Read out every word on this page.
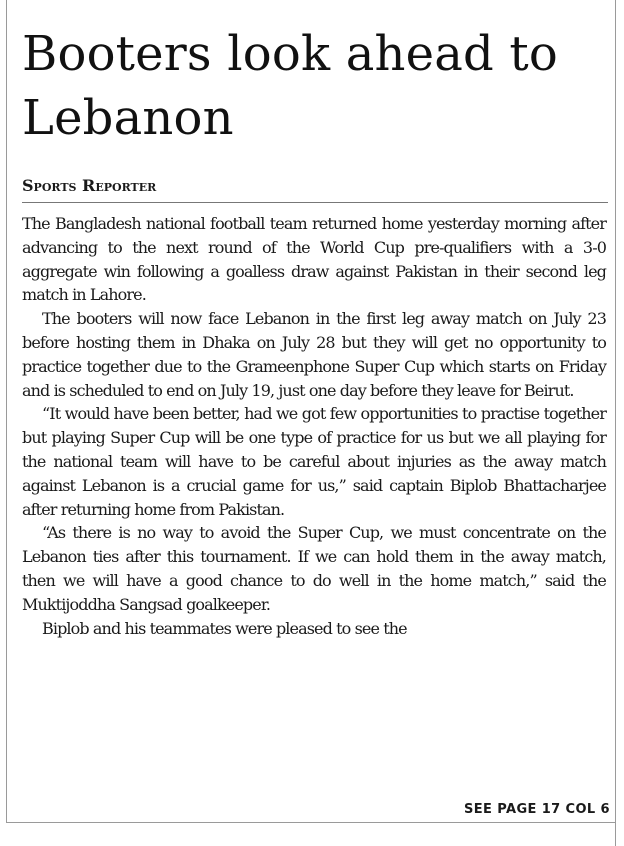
Booters look ahead to Lebanon
Sports Reporter

The Bangladesh national football team returned home yesterday morning after advancing to the next round of the World Cup pre-qualifiers with a 3-0 aggregate win following a goalless draw against Pakistan in their second leg match in Lahore.

The booters will now face Lebanon in the first leg away match on July 23 before hosting them in Dhaka on July 28 but they will get no opportunity to practice together due to the Grameenphone Super Cup which starts on Friday and is scheduled to end on July 19, just one day before they leave for Beirut.

“It would have been better, had we got few opportunities to practise together but playing Super Cup will be one type of practice for us but we all playing for the national team will have to be careful about injuries as the away match against Lebanon is a crucial game for us,” said captain Biplob Bhattacharjee after returning home from Pakistan.

“As there is no way to avoid the Super Cup, we must concentrate on the Lebanon ties after this tournament. If we can hold them in the away match, then we will have a good chance to do well in the home match,” said the Muktijoddha Sangsad goalkeeper.

Biplob and his teammates were pleased to see the

SEE PAGE 17 COL 6
